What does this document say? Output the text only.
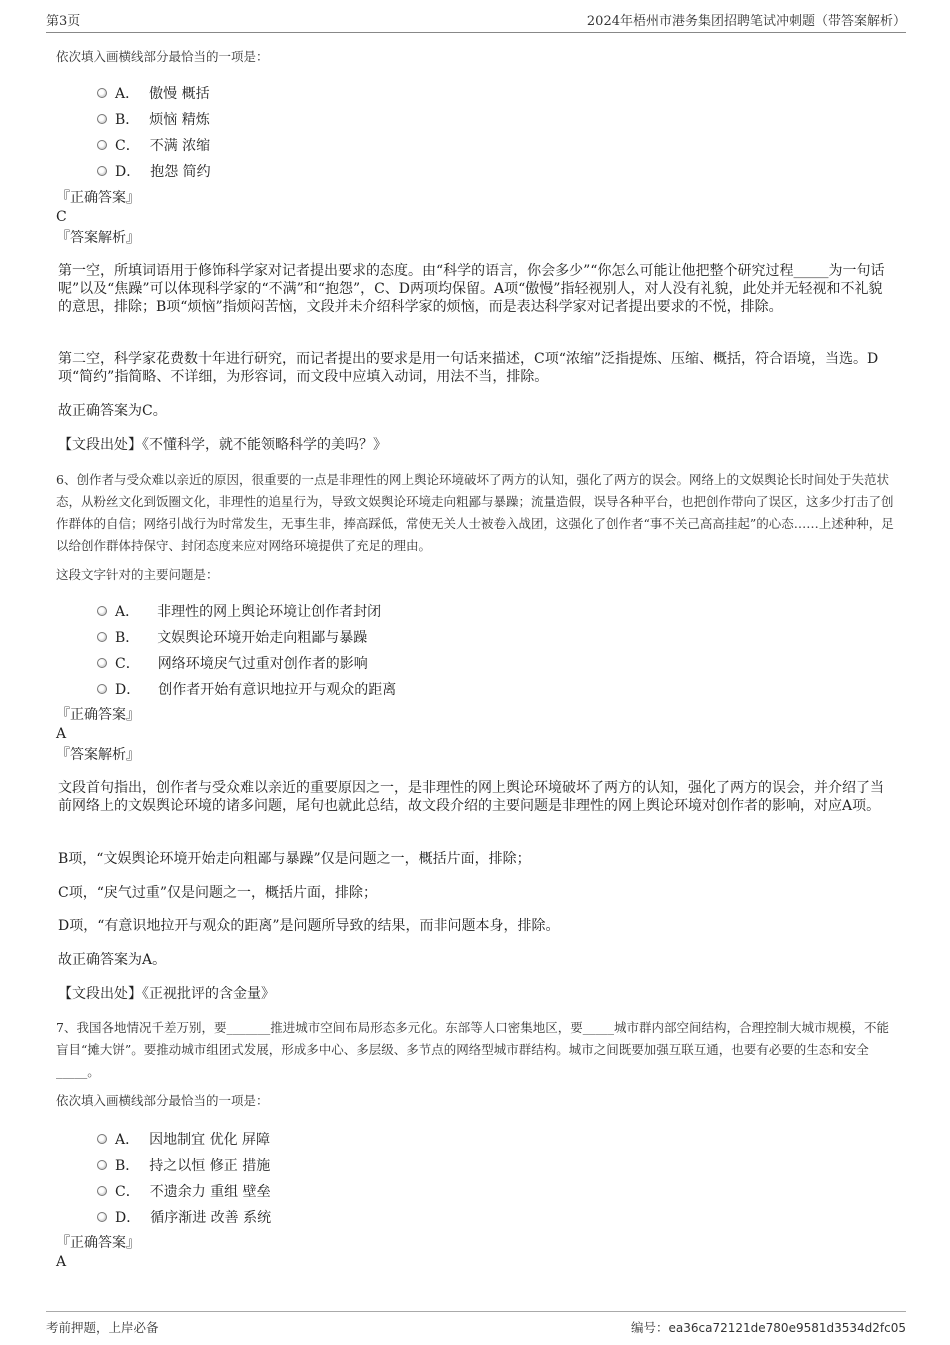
第3页	2024年梧州市港务集团招聘笔试冲刺题（带答案解析）
依次填入画横线部分最恰当的一项是：
A． 傲慢 概括
B． 烦恼 精炼
C． 不满 浓缩
D． 抱怨 简约
『正确答案』
C
『答案解析』
第一空，所填词语用于修饰科学家对记者提出要求的态度。由“科学的语言，你会多少”“你怎么可能让他把整个研究过程_____为一句话呢”以及“焦躁”可以体现科学家的“不满”和“抱怨”，C、D两项均保留。A项“傲慢”指轻视别人，对人没有礼貌，此处并无轻视和不礼貌的意思，排除；B项“烦恼”指烦闷苦恼，文段并未介绍科学家的烦恼，而是表达科学家对记者提出要求的不悦，排除。
第二空，科学家花费数十年进行研究，而记者提出的要求是用一句话来描述，C项“浓缩”泛指提炼、压缩、概括，符合语境，当选。D项“简约”指简略、不详细，为形容词，而文段中应填入动词，用法不当，排除。
故正确答案为C。
【文段出处】《不懂科学，就不能领略科学的美吗？》
6、创作者与受众难以亲近的原因，很重要的一点是非理性的网上舆论环境破坏了两方的认知，强化了两方的误会。网络上的文娱舆论长时间处于失范状态，从粉丝文化到饭圈文化，非理性的追星行为，导致文娱舆论环境走向粗鄙与暴躁；流量造假，误导各种平台，也把创作带向了误区，这多少打击了创作群体的自信；网络引战行为时常发生，无事生非，捧高踩低，常使无关人士被卷入战团，这强化了创作者“事不关己高高挂起”的心态……上述种种，足以给创作群体持保守、封闭态度来应对网络环境提供了充足的理由。
这段文字针对的主要问题是：
A． 非理性的网上舆论环境让创作者封闭
B． 文娱舆论环境开始走向粗鄙与暴躁
C． 网络环境戾气过重对创作者的影响
D． 创作者开始有意识地拉开与观众的距离
『正确答案』
A
『答案解析』
文段首句指出，创作者与受众难以亲近的重要原因之一，是非理性的网上舆论环境破坏了两方的认知，强化了两方的误会，并介绍了当前网络上的文娱舆论环境的诸多问题，尾句也就此总结，故文段介绍的主要问题是非理性的网上舆论环境对创作者的影响，对应A项。
B项，“文娱舆论环境开始走向粗鄙与暴躁”仅是问题之一，概括片面，排除；
C项，“戾气过重”仅是问题之一，概括片面，排除；
D项，“有意识地拉开与观众的距离”是问题所导致的结果，而非问题本身，排除。
故正确答案为A。
【文段出处】《正视批评的含金量》
7、我国各地情况千差万别，要_______推进城市空间布局形态多元化。东部等人口密集地区，要_____城市群内部空间结构，合理控制大城市规模，不能盲目“摊大饼”。要推动城市组团式发展，形成多中心、多层级、多节点的网络型城市群结构。城市之间既要加强互联互通，也要有必要的生态和安全_____。
依次填入画横线部分最恰当的一项是：
A． 因地制宜 优化 屏障
B． 持之以恒 修正 措施
C． 不遗余力 重组 壁垒
D． 循序渐进 改善 系统
『正确答案』
A
考前押题，上岸必备	编号：ea36ca72121de780e9581d3534d2fc05
